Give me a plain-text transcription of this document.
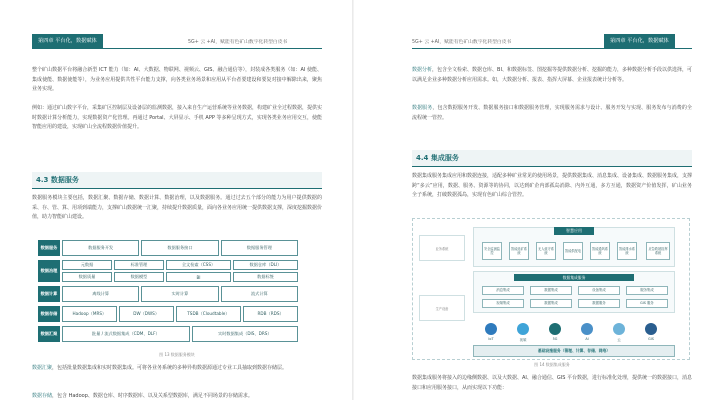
第四章 平台化，数据赋体	5G+ 云 +AI，赋能有色矿山数字化转型白皮书
整个矿山数据平台将融合新型 ICT 能力（如：AI、大数据、物联网、视频云、GIS、融合通信等），封装成各类服务（如：AI 使能、集成使能、数据使能等），为业务应用提供共性平台能力支撑，向各类业务场景和应用从平台者要建设和要复对接中解除出来，聚焦业务实现。
例如：通过矿山数字平台，采集矿区控制层及设备层的监测数据，接入来自生产运营系统等业务数据，构建矿业全过程数据，提供实时数据计算分析能力，实现数据资产化管理。再通过 Portal、大屏显示、手机 APP 等多种呈现方式，实现各类业务应用交互，使能智能应用的建设，实现矿山全流程数据价值提升。
4.3 数据服务
数据服务模块主要包括，数据汇聚、数据存储、数据计算、数据治理，以及数据服务。通过过去五个部分的能力为用户提供数据的采、存、管、算、用项到端能力，支撑矿山数据统一汇聚，持续提升数据质量，面向各业务应用统一提供数据支撑，深度挖掘数据价值，助力智能矿山建设。
数据服务	数据服务开发	数据服务接口	数据服务管理
数据治理
元数据	标准管理	全文检索（CSS）	数据仓库（DLI）
数据质量	数据模型	BI	数据标签
数据计算	离线计算	实时计算	流式计算
数据存储	Hadoop（MRS）	DW（DWS）	TSDB（Cloudtable）	RDB（RDS）
数据汇聚	批量 / 流式数据集成（CDM、DLF）	实时数据集成（DIS、DRS）
图 13 数据服务模块
数据汇聚，包括批量数据集成和实时数据集成。可将各业务系统的多种异构数据源通过专业工具抽取到数据存储层。
数据存储，包含 Hadoop、数据仓库、时序数据库、以及关系型数据库，满足不同场景的存储需求。
5G+ 云 +AI，赋能有色矿山数字化转型白皮书	第四章 平台化，数据赋体
数据分析，包含全文检索、数据仓库、BI、和数据标签、图挖掘等提供数据分析、挖掘的能力，多种数据分析手段以供选择，可以满足企业多种数据分析应用需求。如，大数据分析、报表、指挥大屏幕、企业报表统计分析等。
数据服务，包含数据服务开发、数据服务接口和数据服务管理，实现服务需求与设计、服务开发与实现、服务发布与消费的全流程统一管控。
4.4 集成服务
数据集成服务集成应用和数据连接，适配多种矿业常见的使用场景，提供数据集成、消息集成、设备集成、数据服务集成，支撑跨“多云”应用，数据、服务、资源等的协同，以达到矿企内部孤岛消除、内外互通，多方互通，数据资产价值发挥，矿山业务全子系统，打破数据孤岛，实现有色矿山综合管控。
业务系统
生产设备
智慧应用
安全监测监控
智能选矿系统
无人值守系统	智能供配电	智能通风系统
智能排水系统
应急救援指挥系统
数据集成服务
消息集成	数据集成	设备集成	服务集成
视频集成	数据集成	数据服务	GIS 服务
IoT	视频	5G	AI	云	GIS
基础设施服务（管理、计算、存储、网络）
图 14 数据集成服务
数据集成服务将接入的边缘侧数据、以及大数据、AI、融合通信、GIS 平台数据，进行标准化处理，提供统一的数据接口，消息接口和应用服务接口，从而实现以下功能：
